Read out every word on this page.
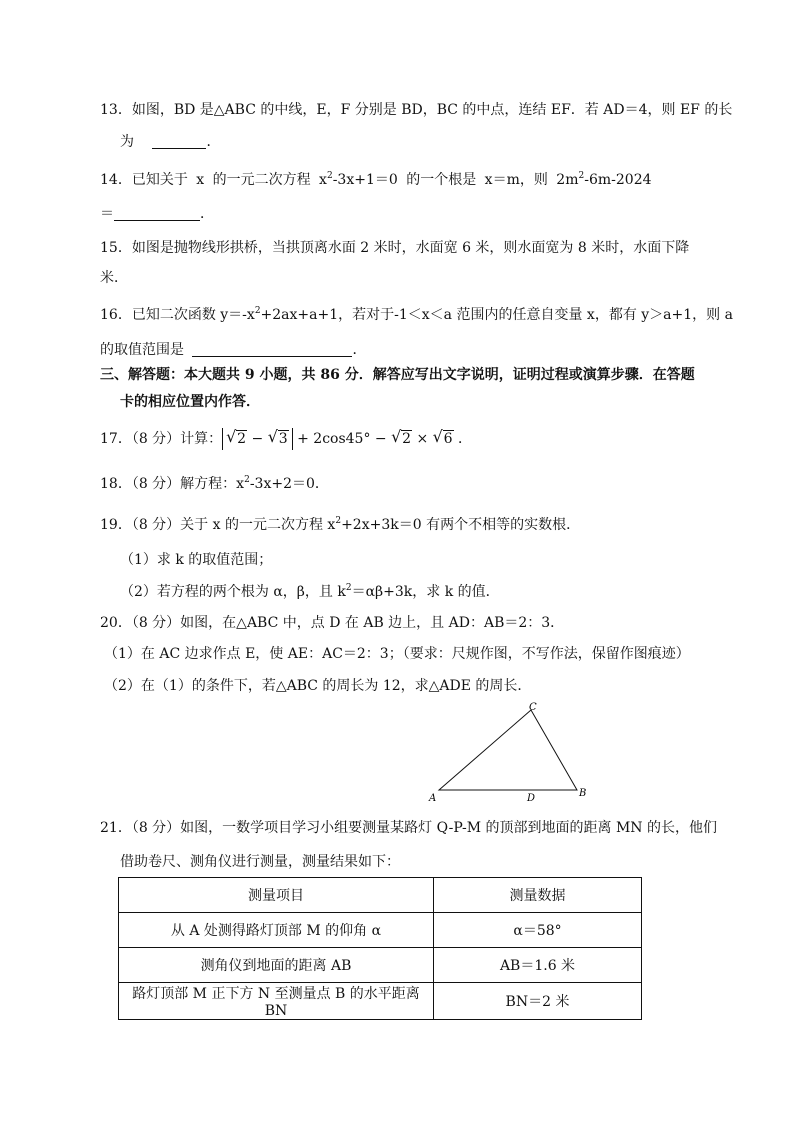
13．如图，BD 是△ABC 的中线，E，F 分别是 BD，BC 的中点，连结 EF．若 AD＝4，则 EF 的长
为	．
14．已知关于 x 的一元二次方程 $x^2-3x+1=0$ 的一个根是 x＝m，则 $2m^2-6m-2024$
＝	．
15．如图是抛物线形拱桥，当拱顶离水面 2 米时，水面宽 6 米，则水面宽为 8 米时，水面下降
米．
16．已知二次函数 $y=-x^2+2ax+a+1$，若对于-1＜x＜a 范围内的任意自变量 x，都有 y＞a+1，则 a
的取值范围是	．
三、解答题：本大题共 9 小题，共 86 分．解答应写出文字说明，证明过程或演算步骤．在答题
卡的相应位置内作答．
17．（8 分）计算： √ 2 − √ 3 + 2cos45° − √ 2 × √ 6 ．
18．（8 分）解方程：$x^2-3x+2=0$．
19．（8 分）关于 x 的一元二次方程 $x^2+2x+3k=0$ 有两个不相等的实数根．
（1）求 k 的取值范围；
（2）若方程的两个根为 α，β，且 $k^2=\alpha\beta+3k$，求 k 的值．
20．（8 分）如图，在△ABC 中，点 D 在 AB 边上，且 AD：AB＝2：3．
（1）在 AC 边求作点 E，使 AE：AC＝2：3；（要求：尺规作图，不写作法，保留作图痕迹）
（2）在（1）的条件下，若△ABC 的周长为 12，求△ADE 的周长．
C
A	B
D
21．（8 分）如图，一数学项目学习小组要测量某路灯 Q-P-M 的顶部到地面的距离 MN 的长，他们
借助卷尺、测角仪进行测量，测量结果如下：
测量项目	测量数据
从 A 处测得路灯顶部 M 的仰角 α	α＝58°
测角仪到地面的距离 AB	AB＝1.6 米
路灯顶部 M 正下方 N 至测量点 B 的水平距离 BN	BN＝2 米
